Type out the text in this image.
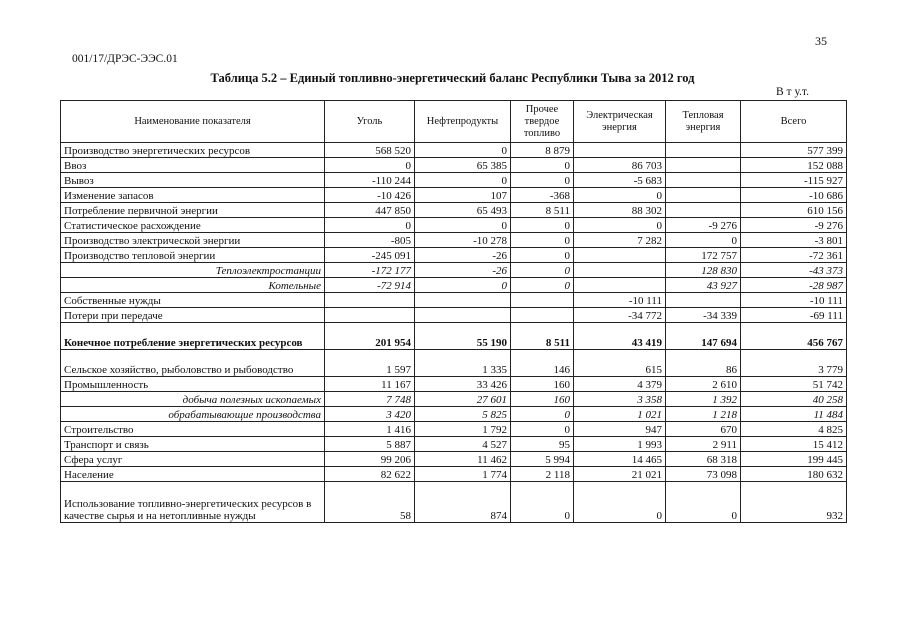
35
001/17/ДРЭС-ЭЭС.01
Таблица 5.2 – Единый топливно-энергетический баланс Республики Тыва за 2012 год
В т у.т.
Наименование показателя	Уголь	Нефтепродукты	Прочее твердое топливо	Электрическая энергия	Тепловая энергия	Всего
Производство энергетических ресурсов	568 520	0	8 879			577 399
Ввоз	0	65 385	0	86 703		152 088
Вывоз	-110 244	0	0	-5 683		-115 927
Изменение запасов	-10 426	107	-368	0		-10 686
Потребление первичной энергии	447 850	65 493	8 511	88 302		610 156
Статистическое расхождение	0	0	0	0	-9 276	-9 276
Производство электрической энергии	-805	-10 278	0	7 282	0	-3 801
Производство тепловой энергии	-245 091	-26	0		172 757	-72 361
Теплоэлектростанции	-172 177	-26	0		128 830	-43 373
Котельные	-72 914	0	0		43 927	-28 987
Собственные нужды				-10 111		-10 111
Потери при передаче				-34 772	-34 339	-69 111
Конечное потребление энергетических ресурсов	201 954	55 190	8 511	43 419	147 694	456 767
Сельское хозяйство, рыболовство и рыбоводство	1 597	1 335	146	615	86	3 779
Промышленность	11 167	33 426	160	4 379	2 610	51 742
добыча полезных ископаемых	7 748	27 601	160	3 358	1 392	40 258
обрабатывающие производства	3 420	5 825	0	1 021	1 218	11 484
Строительство	1 416	1 792	0	947	670	4 825
Транспорт и связь	5 887	4 527	95	1 993	2 911	15 412
Сфера услуг	99 206	11 462	5 994	14 465	68 318	199 445
Население	82 622	1 774	2 118	21 021	73 098	180 632
Использование топливно-энергетических ресурсов в качестве сырья и на нетопливные нужды	58	874	0	0	0	932
